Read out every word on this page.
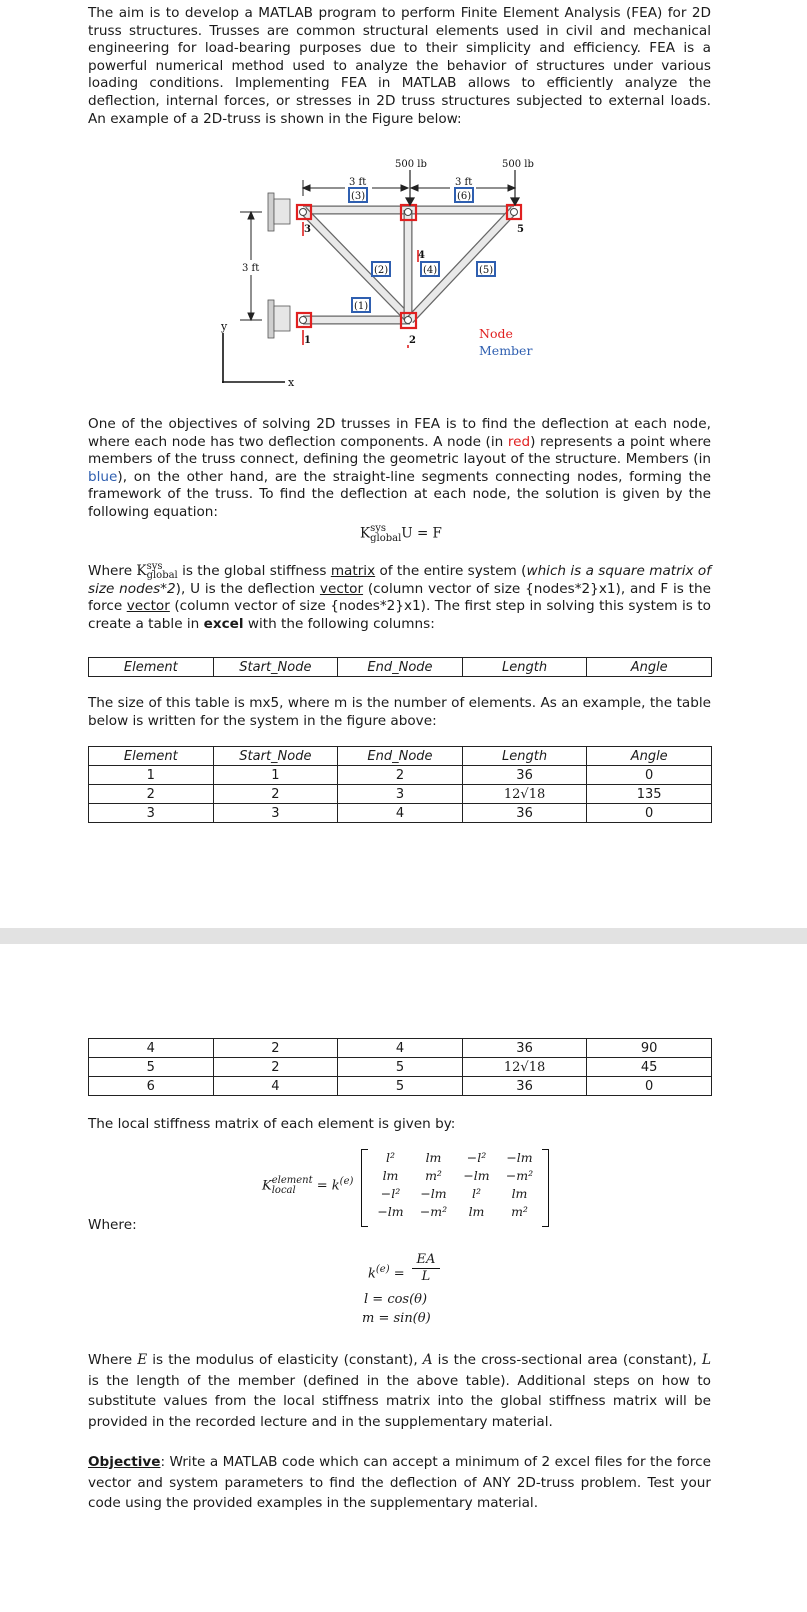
The aim is to develop a MATLAB program to perform Finite Element Analysis (FEA) for 2D truss structures. Trusses are common structural elements used in civil and mechanical engineering for load-bearing purposes due to their simplicity and efficiency. FEA is a powerful numerical method used to analyze the behavior of structures under various loading conditions. Implementing FEA in MATLAB allows to efficiently analyze the deflection, internal forces, or stresses in 2D truss structures subjected to external loads. An example of a 2D-truss is shown in the Figure below:
1	2
3
4
5
(1)
(2)
(3)
(4)	(5)
(6)
500 lb	500 lb
3 ft	3 ft
3 ft
y
x
Node
Member
One of the objectives of solving 2D trusses in FEA is to find the deflection at each node, where each node has two deflection components. A node (in red) represents a point where members of the truss connect, defining the geometric layout of the structure. Members (in blue), on the other hand, are the straight-line segments connecting nodes, forming the framework of the truss. To find the deflection at each node, the solution is given by the following equation:
K sys
global U = F
Where K sys
global is the global stiffness matrix of the entire system (which is a square matrix of size nodes*2), U is the deflection vector (column vector of size {nodes*2}x1), and F is the force vector (column vector of size {nodes*2}x1). The first step in solving this system is to create a table in excel with the following columns:
Element	Start_Node	End_Node	Length	Angle
The size of this table is mx5, where m is the number of elements. As an example, the table below is written for the system in the figure above:
Element	Start_Node	End_Node	Length	Angle
1	1	2	36	0
2	2	3	12√18	135
3	3	4	36	0
4	2	4	36	90
5	2	5	12√18	45
6	4	5	36	0
The local stiffness matrix of each element is given by:
K element
local	= $k^{(e)}$
l²	lm	−l²	−lm
lm	m²	−lm	−m²
−l²	−lm	l²	lm
−lm	−m²	lm	m²
Where:
$k^{(e)}$ =
EA
L
l = cos(θ)
m = sin(θ)
Where E is the modulus of elasticity (constant), A is the cross-sectional area (constant), L is the length of the member (defined in the above table). Additional steps on how to substitute values from the local stiffness matrix into the global stiffness matrix will be provided in the recorded lecture and in the supplementary material.
Objective: Write a MATLAB code which can accept a minimum of 2 excel files for the force vector and system parameters to find the deflection of ANY 2D-truss problem. Test your code using the provided examples in the supplementary material.
